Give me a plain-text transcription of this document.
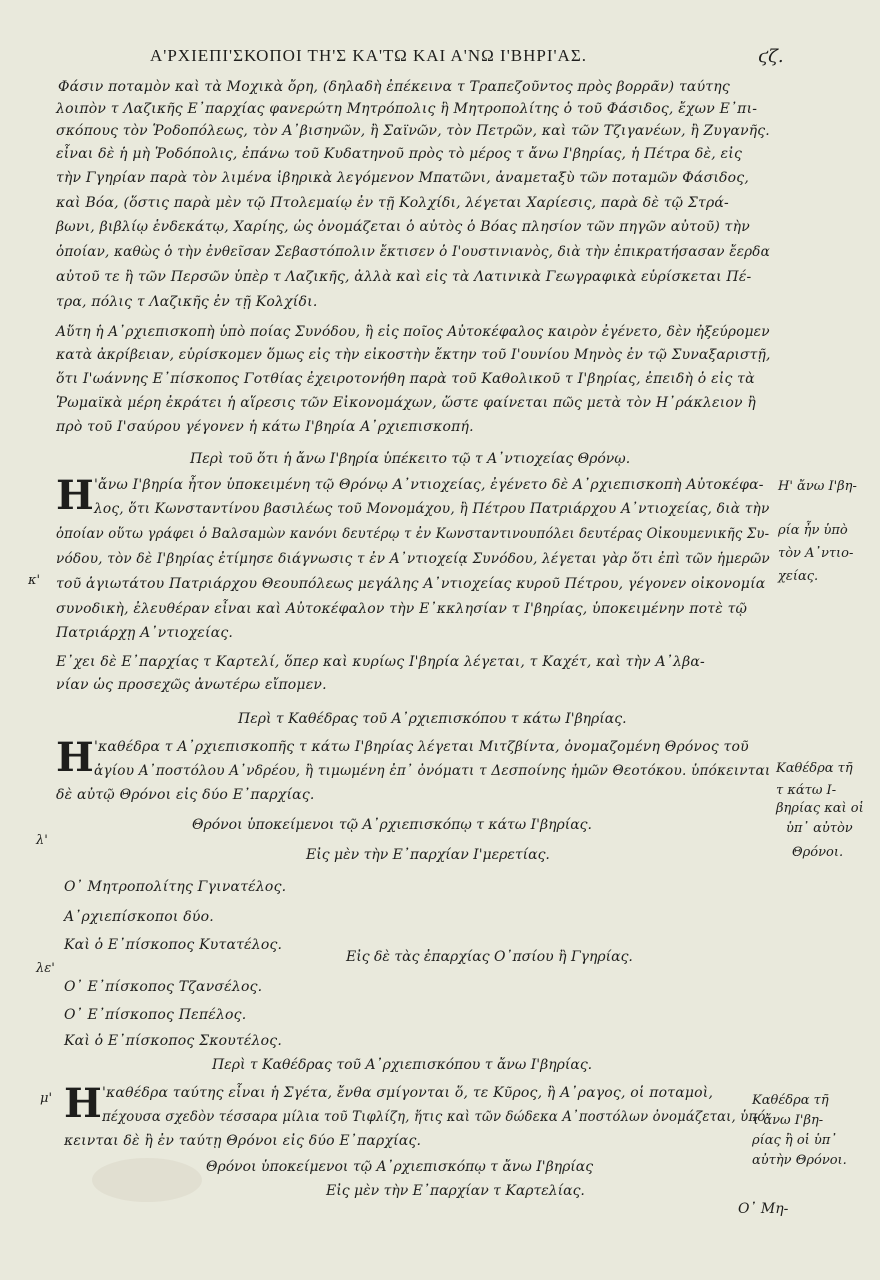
Α'ΡΧΙΕΠΙ'ΣΚΟΠΟΙ ΤΗ'Σ ΚΑ'ΤΩ ΚΑΙ Α'ΝΩ Ι'ΒΗΡΙ'ΑΣ.	ϛζ.
Φάσιν ποταμὸν καὶ τὰ Μοχικὰ ὄρη, (δηλαδὴ ἐπέκεινα τ Τραπεζοῦντος πρὸς βορρᾶν) ταύτης
λοιπὸν τ Λαζικῆς Ε᾿παρχίας φανερώτη Μητρόπολις ἣ Μητροπολίτης ὁ τοῦ Φάσιδος, ἔχων Ε᾿πι-
σκόπους τὸν Ῥοδοπόλεως, τὸν Α᾿βισηνῶν, ἢ Σαϊνῶν, τὸν Πετρῶν, καὶ τῶν Τζιγανέων, ἢ Ζυγανῆς.
εἶναι δὲ ἡ μὴ Ῥοδόπολις, ἐπάνω τοῦ Κυδατηνοῦ πρὸς τὸ μέρος τ ἄνω Ι'βηρίας, ἡ Πέτρα δὲ, εἰς
τὴν Γγηρίαν παρὰ τὸν λιμένα ἰβηρικὰ λεγόμενον Μπατῶνι, ἀναμεταξὺ τῶν ποταμῶν Φάσιδος,
καὶ Βόα, (ὅστις παρὰ μὲν τῷ Πτολεμαίῳ ἐν τῇ Κολχίδι, λέγεται Χαρίεσις, παρὰ δὲ τῷ Στρά-
βωνι, βιβλίῳ ἑνδεκάτῳ, Χαρίης, ὡς ὀνομάζεται ὁ αὐτὸς ὁ Βόας πλησίον τῶν πηγῶν αὐτοῦ) τὴν
ὁποίαν, καθὼς ὁ τὴν ἐνθεῖσαν Σεβαστόπολιν ἔκτισεν ὁ Ι'ουστινιανὸς, διὰ τὴν ἐπικρατήσασαν ἔερδα
αὐτοῦ τε ἢ τῶν Περσῶν ὑπὲρ τ Λαζικῆς, ἀλλὰ καὶ εἰς τὰ Λατινικὰ Γεωγραφικὰ εὑρίσκεται Πέ-
τρα, πόλις τ Λαζικῆς ἐν τῇ Κολχίδι.
Αὕτη ἡ Α᾿ρχιεπισκοπὴ ὑπὸ ποίας Συνόδου, ἢ εἰς ποῖος Αὐτοκέφαλος καιρὸν ἐγένετο, δὲν ἠξεύρομεν
κατὰ ἀκρίβειαν, εὑρίσκομεν ὅμως εἰς τὴν εἰκοστὴν ἔκτην τοῦ Ι'ουνίου Μηνὸς ἐν τῷ Συναξαριστῇ,
ὅτι Ι'ωάννης Ε᾿πίσκοπος Γοτθίας ἐχειροτονήθη παρὰ τοῦ Καθολικοῦ τ Ι'βηρίας, ἐπειδὴ ὁ εἰς τὰ
Ῥωμαϊκὰ μέρη ἐκράτει ἡ αἵρεσις τῶν Εἰκονομάχων, ὥστε φαίνεται πῶς μετὰ τὸν Η᾿ράκλειον ἢ
πρὸ τοῦ Ι'σαύρου γέγονεν ἡ κάτω Ι'βηρία Α᾿ρχιεπισκοπή.
Περὶ τοῦ ὅτι ἡ ἄνω Ι'βηρία ὑπέκειτο τῷ τ Α᾿ντιοχείας Θρόνῳ.
Η 'ἄνω Ι'βηρία ἦτον ὑποκειμένη τῷ Θρόνῳ Α᾿ντιοχείας, ἐγένετο δὲ Α᾿ρχιεπισκοπὴ Αὐτοκέφα-
λος, ὅτι Κωνσταντίνου βασιλέως τοῦ Μονομάχου, ἢ Πέτρου Πατριάρχου Α᾿ντιοχείας, διὰ τὴν
ὁποίαν οὕτω γράφει ὁ Βαλσαμὼν κανόνι δευτέρῳ τ ἐν Κωνσταντινουπόλει δευτέρας Οἰκουμενικῆς Συ-
νόδου, τὸν δὲ Ι'βηρίας ἐτίμησε διάγνωσις τ ἐν Α᾿ντιοχείᾳ Συνόδου, λέγεται γὰρ ὅτι ἐπὶ τῶν ἡμερῶν
τοῦ ἁγιωτάτου Πατριάρχου Θεουπόλεως μεγάλης Α᾿ντιοχείας κυροῦ Πέτρου, γέγονεν οἰκονομία
συνοδικὴ, ἐλευθέραν εἶναι καὶ Αὐτοκέφαλον τὴν Ε᾿κκλησίαν τ Ι'βηρίας, ὑποκειμένην ποτὲ τῷ
Πατριάρχῃ Α᾿ντιοχείας.
Ε᾿χει δὲ Ε᾿παρχίας τ Καρτελί, ὅπερ καὶ κυρίως Ι'βηρία λέγεται, τ Καχέτ, καὶ τὴν Α᾿λβα-
νίαν ὡς προσεχῶς ἀνωτέρω εἴπομεν.
Η' ἄνω Ι'βη-
ρία ἦν ὑπὸ
τὸν Α᾿ντιο-
χείας.
κ'
Περὶ τ Καθέδρας τοῦ Α᾿ρχιεπισκόπου τ κάτω Ι'βηρίας.
Η 'καθέδρα τ Α᾿ρχιεπισκοπῆς τ κάτω Ι'βηρίας λέγεται Μιτζβίντα, ὀνομαζομένη Θρόνος τοῦ
ἁγίου Α᾿ποστόλου Α᾿νδρέου, ἢ τιμωμένη ἐπ᾿ ὀνόματι τ Δεσποίνης ἡμῶν Θεοτόκου. ὑπόκεινται
δὲ αὐτῷ Θρόνοι εἰς δύο Ε᾿παρχίας.
Θρόνοι ὑποκείμενοι τῷ Α᾿ρχιεπισκόπῳ τ κάτω Ι'βηρίας.
Εἰς μὲν τὴν Ε᾿παρχίαν Ι'μερετίας.
Καθέδρα τῆ
τ κάτω Ι-
βηρίας καὶ οἱ
ὑπ᾿ αὐτὸν
Θρόνοι.
λ'
Ο᾿ Μητροπολίτης Γγινατέλος.
Α᾿ρχιεπίσκοποι δύο.
Καὶ ὁ Ε᾿πίσκοπος Κυτατέλος.
Εἰς δὲ τὰς ἐπαρχίας Ο᾿πσίου ἢ Γγηρίας.
λε'
Ο᾿ Ε᾿πίσκοπος Τζανσέλος.
Ο᾿ Ε᾿πίσκοπος Πεπέλος.
Καὶ ὁ Ε᾿πίσκοπος Σκουτέλος.
Περὶ τ Καθέδρας τοῦ Α᾿ρχιεπισκόπου τ ἄνω Ι'βηρίας.
Η 'καθέδρα ταύτης εἶναι ἡ Σγέτα, ἔνθα σμίγονται ὅ, τε Κῦρος, ἢ Α᾿ραγος, οἱ ποταμοὶ,
πέχουσα σχεδὸν τέσσαρα μίλια τοῦ Τιφλίζη, ἥτις καὶ τῶν δώδεκα Α᾿ποστόλων ὀνομάζεται, ὑπό-
κεινται δὲ ἢ ἐν ταύτῃ Θρόνοι εἰς δύο Ε᾿παρχίας.
Θρόνοι ὑποκείμενοι τῷ Α᾿ρχιεπισκόπῳ τ ἄνω Ι'βηρίας
Εἰς μὲν τὴν Ε᾿παρχίαν τ Καρτελίας.
Καθέδρα τῆ
τ ἄνω Ι'βη-
ρίας ἢ οἱ ὑπ᾿
αὐτὴν Θρόνοι.
μ'
Ο᾿ Μη-
